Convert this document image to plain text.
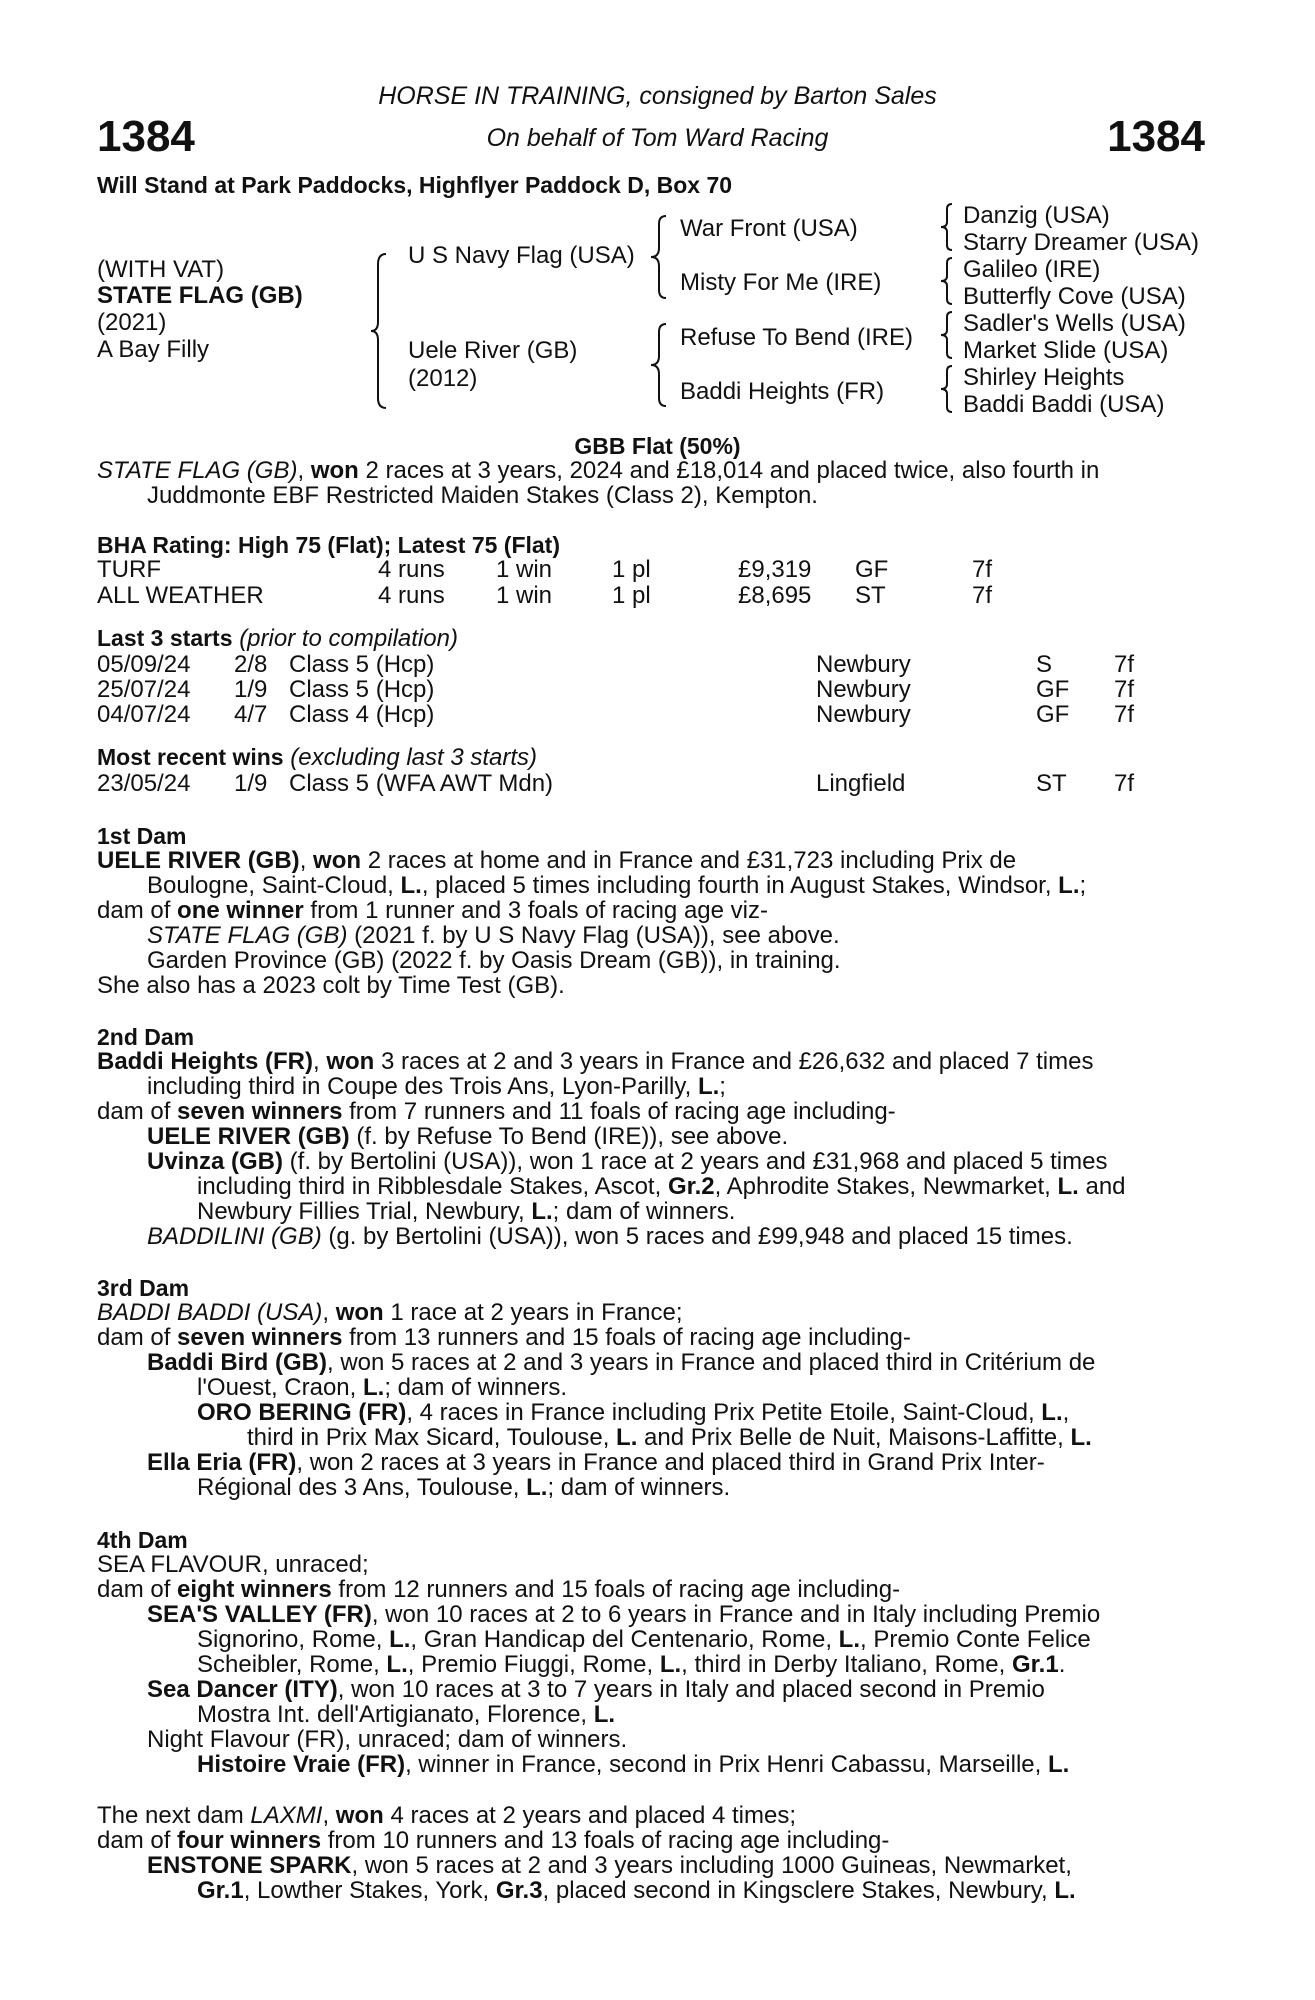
1384	1384
HORSE IN TRAINING, consigned by Barton Sales
On behalf of Tom Ward Racing
Will Stand at Park Paddocks, Highflyer Paddock D, Box 70
(WITH VAT)
STATE FLAG (GB)
(2021)
A Bay Filly
U S Navy Flag (USA)
Uele River (GB)
(2012)
War Front (USA)
Misty For Me (IRE)
Refuse To Bend (IRE)
Baddi Heights (FR)
Danzig (USA)
Starry Dreamer (USA)
Galileo (IRE)
Butterfly Cove (USA)
Sadler's Wells (USA)
Market Slide (USA)
Shirley Heights
Baddi Baddi (USA)
GBB Flat (50%)
STATE FLAG (GB), won 2 races at 3 years, 2024 and £18,014 and placed twice, also fourth in
Juddmonte EBF Restricted Maiden Stakes (Class 2), Kempton.
BHA Rating: High 75 (Flat); Latest 75 (Flat)
TURF	4 runs 1 win 1 pl	£9,319 GF	7f
ALL WEATHER	4 runs 1 win 1 pl	£8,695 ST	7f
Last 3 starts (prior to compilation)
05/09/24 2/8 Class 5 (Hcp)	Newbury	S	7f
25/07/24 1/9 Class 5 (Hcp)	Newbury	GF 7f
04/07/24 4/7 Class 4 (Hcp)	Newbury	GF 7f
Most recent wins (excluding last 3 starts)
23/05/24 1/9 Class 5 (WFA AWT Mdn)	Lingfield	ST 7f
1st Dam
UELE RIVER (GB), won 2 races at home and in France and £31,723 including Prix de
Boulogne, Saint-Cloud, L., placed 5 times including fourth in August Stakes, Windsor, L.;
dam of one winner from 1 runner and 3 foals of racing age viz-
STATE FLAG (GB) (2021 f. by U S Navy Flag (USA)), see above.
Garden Province (GB) (2022 f. by Oasis Dream (GB)), in training.
She also has a 2023 colt by Time Test (GB).
2nd Dam
Baddi Heights (FR), won 3 races at 2 and 3 years in France and £26,632 and placed 7 times
including third in Coupe des Trois Ans, Lyon-Parilly, L.;
dam of seven winners from 7 runners and 11 foals of racing age including-
UELE RIVER (GB) (f. by Refuse To Bend (IRE)), see above.
Uvinza (GB) (f. by Bertolini (USA)), won 1 race at 2 years and £31,968 and placed 5 times
including third in Ribblesdale Stakes, Ascot, Gr.2, Aphrodite Stakes, Newmarket, L. and
Newbury Fillies Trial, Newbury, L.; dam of winners.
BADDILINI (GB) (g. by Bertolini (USA)), won 5 races and £99,948 and placed 15 times.
3rd Dam
BADDI BADDI (USA), won 1 race at 2 years in France;
dam of seven winners from 13 runners and 15 foals of racing age including-
Baddi Bird (GB), won 5 races at 2 and 3 years in France and placed third in Critérium de
l'Ouest, Craon, L.; dam of winners.
ORO BERING (FR), 4 races in France including Prix Petite Etoile, Saint-Cloud, L.,
third in Prix Max Sicard, Toulouse, L. and Prix Belle de Nuit, Maisons-Laffitte, L.
Ella Eria (FR), won 2 races at 3 years in France and placed third in Grand Prix Inter-
Régional des 3 Ans, Toulouse, L.; dam of winners.
4th Dam
SEA FLAVOUR, unraced;
dam of eight winners from 12 runners and 15 foals of racing age including-
SEA'S VALLEY (FR), won 10 races at 2 to 6 years in France and in Italy including Premio
Signorino, Rome, L., Gran Handicap del Centenario, Rome, L., Premio Conte Felice
Scheibler, Rome, L., Premio Fiuggi, Rome, L., third in Derby Italiano, Rome, Gr.1.
Sea Dancer (ITY), won 10 races at 3 to 7 years in Italy and placed second in Premio
Mostra Int. dell'Artigianato, Florence, L.
Night Flavour (FR), unraced; dam of winners.
Histoire Vraie (FR), winner in France, second in Prix Henri Cabassu, Marseille, L.
The next dam LAXMI, won 4 races at 2 years and placed 4 times;
dam of four winners from 10 runners and 13 foals of racing age including-
ENSTONE SPARK, won 5 races at 2 and 3 years including 1000 Guineas, Newmarket,
Gr.1, Lowther Stakes, York, Gr.3, placed second in Kingsclere Stakes, Newbury, L.
